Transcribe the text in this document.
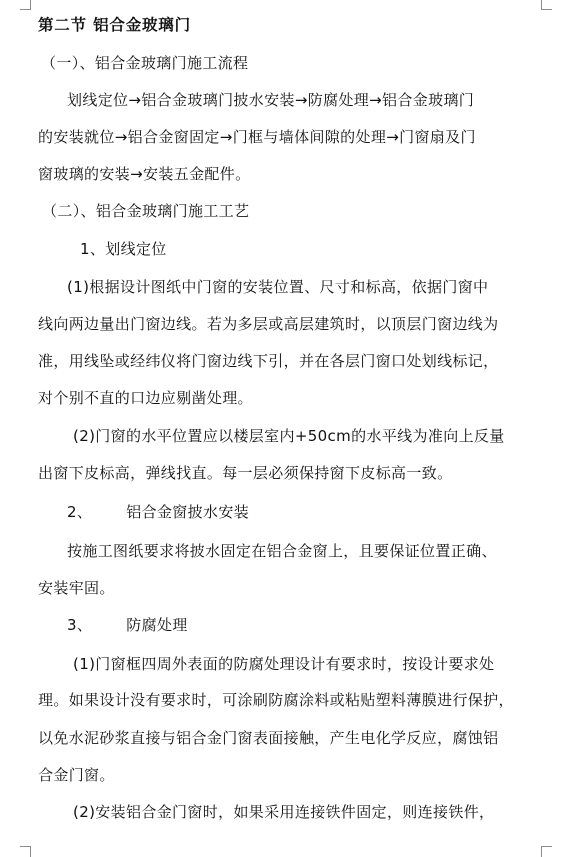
第二节 铝合金玻璃门
（一）、铝合金玻璃门施工流程
划线定位→铝合金玻璃门披水安装→防腐处理→铝合金玻璃门
的安装就位→铝合金窗固定→门框与墙体间隙的处理→门窗扇及门
窗玻璃的安装→安装五金配件。
（二）、铝合金玻璃门施工工艺
1、划线定位
(1)根据设计图纸中门窗的安装位置、尺寸和标高，依据门窗中
线向两边量出门窗边线。若为多层或高层建筑时，以顶层门窗边线为
准，用线坠或经纬仪将门窗边线下引，并在各层门窗口处划线标记，
对个别不直的口边应剔凿处理。
(2)门窗的水平位置应以楼层室内+50cm的水平线为准向上反量
出窗下皮标高，弹线找直。每一层必须保持窗下皮标高一致。
2、 铝合金窗披水安装
按施工图纸要求将披水固定在铝合金窗上，且要保证位置正确、
安装牢固。
3、 防腐处理
(1)门窗框四周外表面的防腐处理设计有要求时，按设计要求处
理。如果设计没有要求时，可涂刷防腐涂料或粘贴塑料薄膜进行保护，
以免水泥砂浆直接与铝合金门窗表面接触，产生电化学反应，腐蚀铝
合金门窗。
(2)安装铝合金门窗时，如果采用连接铁件固定，则连接铁件，
